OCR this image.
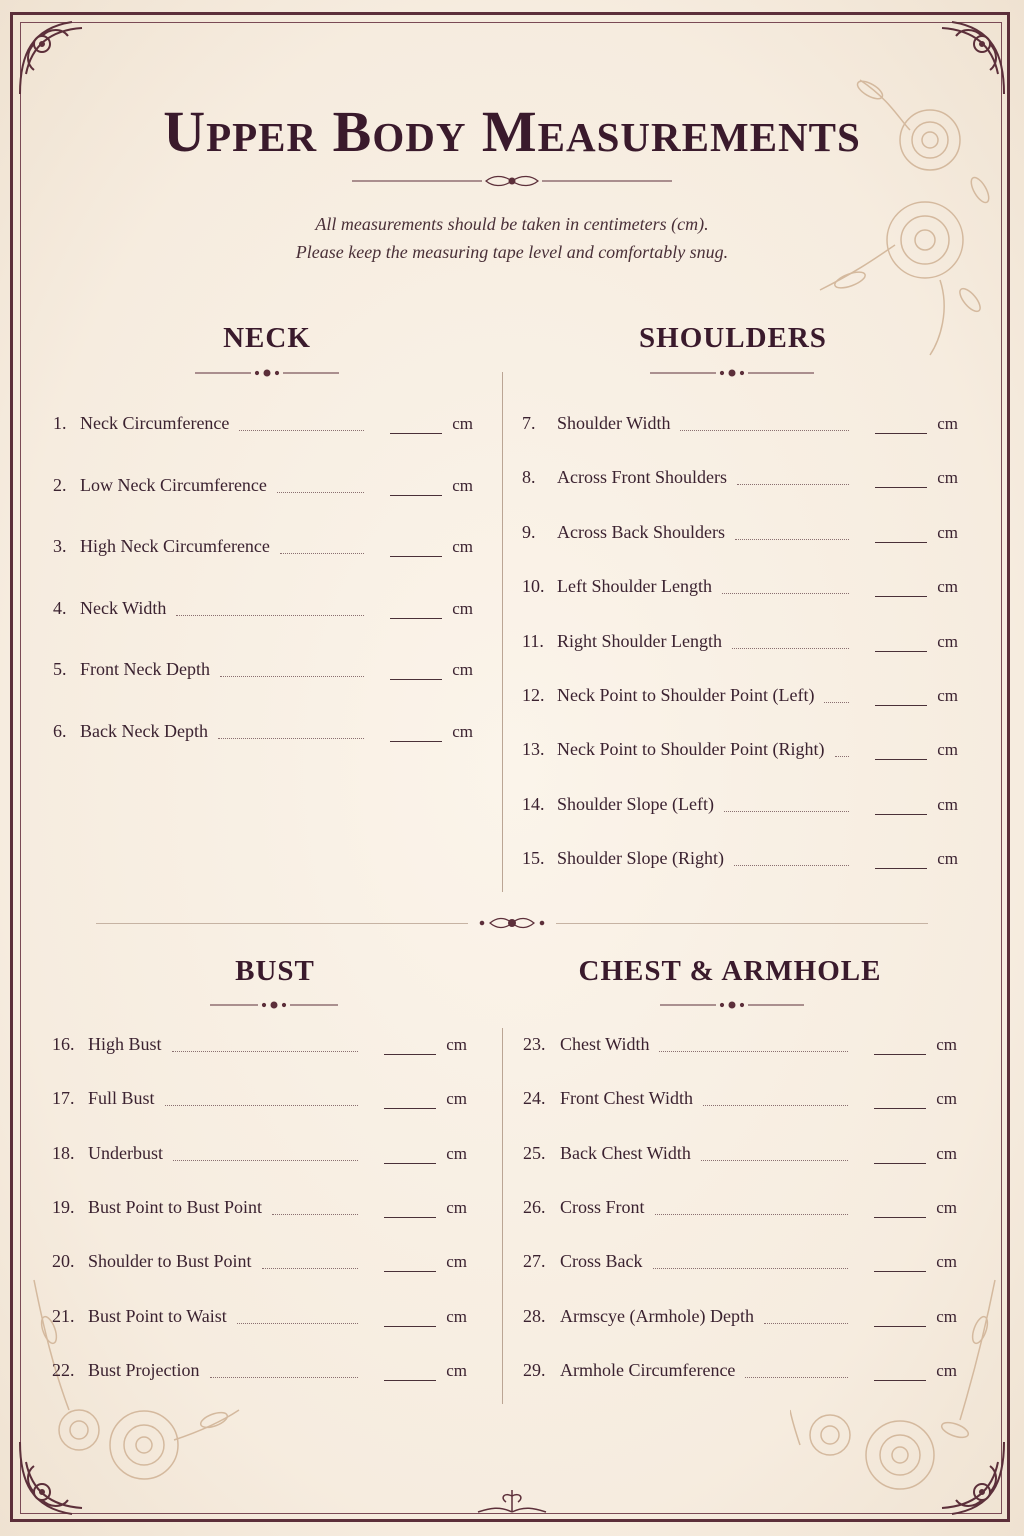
Upper Body Measurements
All measurements should be taken in centimeters (cm).
Please keep the measuring tape level and comfortably snug.
NECK	SHOULDERS
BUST	CHEST & ARMHOLE
1. Neck Circumference	cm
2. Low Neck Circumference	cm
3. High Neck Circumference	cm
4. Neck Width	cm
5. Front Neck Depth	cm
6. Back Neck Depth	cm
7.	Shoulder Width	cm
8.	Across Front Shoulders	cm
9.	Across Back Shoulders	cm
10. Left Shoulder Length	cm
11. Right Shoulder Length	cm
12. Neck Point to Shoulder Point (Left)	cm
13. Neck Point to Shoulder Point (Right)	cm
14. Shoulder Slope (Left)	cm
15. Shoulder Slope (Right)	cm
16. High Bust	cm
17. Full Bust	cm
18. Underbust	cm
19. Bust Point to Bust Point	cm
20. Shoulder to Bust Point	cm
21. Bust Point to Waist	cm
22. Bust Projection	cm
23. Chest Width	cm
24. Front Chest Width	cm
25. Back Chest Width	cm
26. Cross Front	cm
27. Cross Back	cm
28. Armscye (Armhole) Depth	cm
29. Armhole Circumference	cm
